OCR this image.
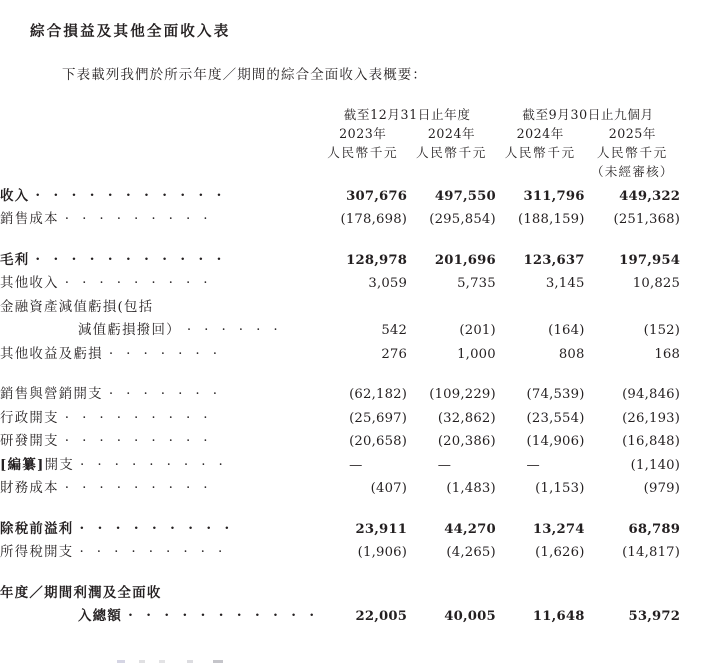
綜合損益及其他全面收入表
下表載列我們於所示年度／期間的綜合全面收入表概要：
	截至12月31日止年度		截至9月30日止九個月		

	2023年	2024年	2024年	2025年	

	人民幣千元	人民幣千元	人民幣千元	人民幣千元	
				（未經審核）	
收入 . . . . . . . . . . .	307,676	497,550	311,796	449,322	
銷售成本 . . . . . . . . .	(178,698)	(295,854)	(188,159)	(251,368)	

毛利 . . . . . . . . . . .	128,978	201,696	123,637	197,954	
其他收入 . . . . . . . . .	3,059	5,735	3,145	10,825	
金融資產減值虧損(包括					
減值虧損撥回） . . . . . .	542	(201)	(164)	(152)	
其他收益及虧損 . . . . . . .	276	1,000	808	168	

銷售與營銷開支 . . . . . . .	(62,182)	(109,229)	(74,539)	(94,846)	
行政開支 . . . . . . . . .	(25,697)	(32,862)	(23,554)	(26,193)	
研發開支 . . . . . . . . .	(20,658)	(20,386)	(14,906)	(16,848)	
[編纂]開支 . . . . . . . . .	—	—	—	(1,140)	
財務成本 . . . . . . . . .	(407)	(1,483)	(1,153)	(979)	

除稅前溢利 . . . . . . . . .	23,911	44,270	13,274	68,789	
所得稅開支 . . . . . . . . .	(1,906)	(4,265)	(1,626)	(14,817)	

年度／期間利潤及全面收					
入總額 . . . . . . . . . . .	22,005	40,005	11,648	53,972	
